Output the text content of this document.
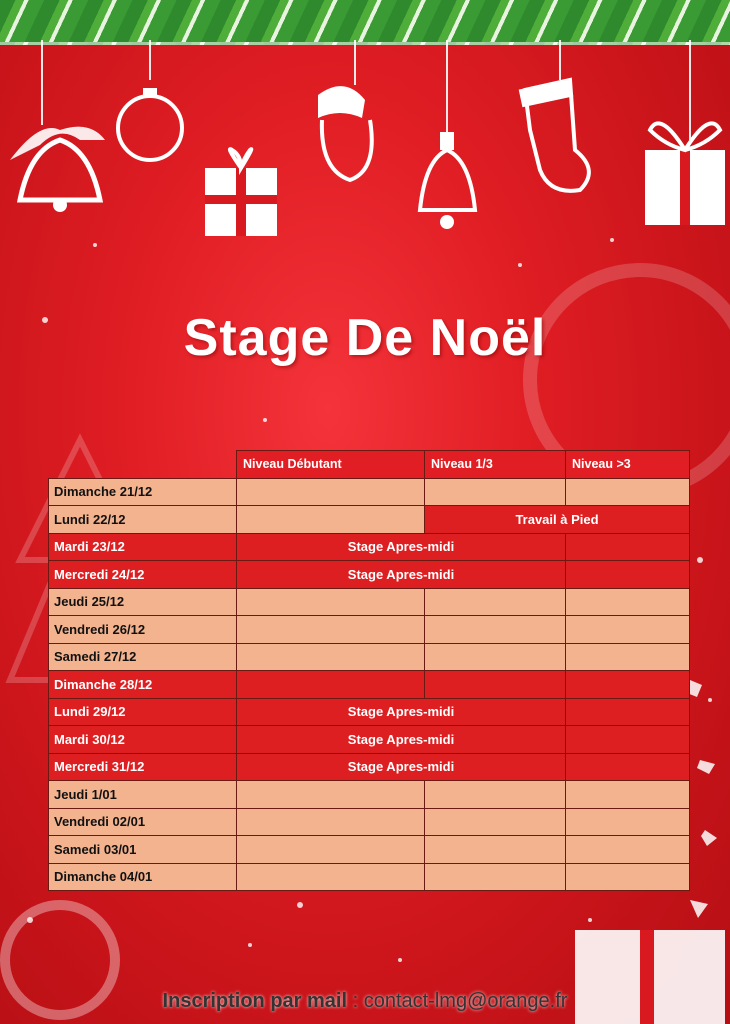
Stage De Noël
	Niveau Débutant	Niveau 1/3	Niveau >3
Dimanche 21/12			
Lundi 22/12		Travail à Pied	
Mardi 23/12	Stage Apres-midi		
Mercredi 24/12	Stage Apres-midi		
Jeudi 25/12			
Vendredi 26/12			
Samedi 27/12			
Dimanche 28/12			
Lundi 29/12	Stage Apres-midi		
Mardi 30/12	Stage Apres-midi		
Mercredi 31/12	Stage Apres-midi		
Jeudi 1/01			
Vendredi 02/01			
Samedi 03/01			
Dimanche 04/01			
Inscription par mail : contact-lmg@orange.fr
